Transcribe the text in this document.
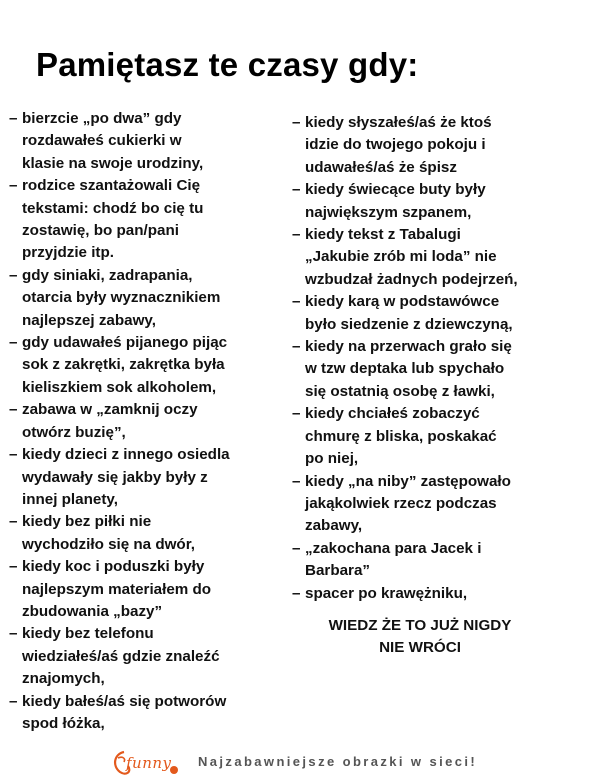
Pamiętasz te czasy gdy:
– bierzcie „po dwa” gdy
rozdawałeś cukierki w
klasie na swoje urodziny,
– rodzice szantażowali Cię
tekstami: chodź bo cię tu
zostawię, bo pan/pani
przyjdzie itp.
– gdy siniaki, zadrapania,
otarcia były wyznacznikiem
najlepszej zabawy,
– gdy udawałeś pijanego pijąc
sok z zakrętki, zakrętka była
kieliszkiem sok alkoholem,
– zabawa w „zamknij oczy
otwórz buzię”,
– kiedy dzieci z innego osiedla
wydawały się jakby były z
innej planety,
– kiedy bez piłki nie
wychodziło się na dwór,
– kiedy koc i poduszki były
najlepszym materiałem do
zbudowania „bazy”
– kiedy bez telefonu
wiedziałeś/aś gdzie znaleźć
znajomych,
– kiedy bałeś/aś się potworów
spod łóżka,
– kiedy słyszałeś/aś że ktoś
idzie do twojego pokoju i
udawałeś/aś że śpisz
– kiedy świecące buty były
największym szpanem,
– kiedy tekst z Tabalugi
„Jakubie zrób mi loda” nie
wzbudzał żadnych podejrzeń,
– kiedy karą w podstawówce
było siedzenie z dziewczyną,
– kiedy na przerwach grało się
w tzw deptaka lub spychało
się ostatnią osobę z ławki,
– kiedy chciałeś zobaczyć
chmurę z bliska, poskakać
po niej,
– kiedy „na niby” zastępowało
jakąkolwiek rzecz podczas
zabawy,
– „zakochana para Jacek i
Barbara”
– spacer po krawężniku,
WIEDZ ŻE TO JUŻ NIGDY
NIE WRÓCI
funny Najzabawniejsze obrazki w sieci!
